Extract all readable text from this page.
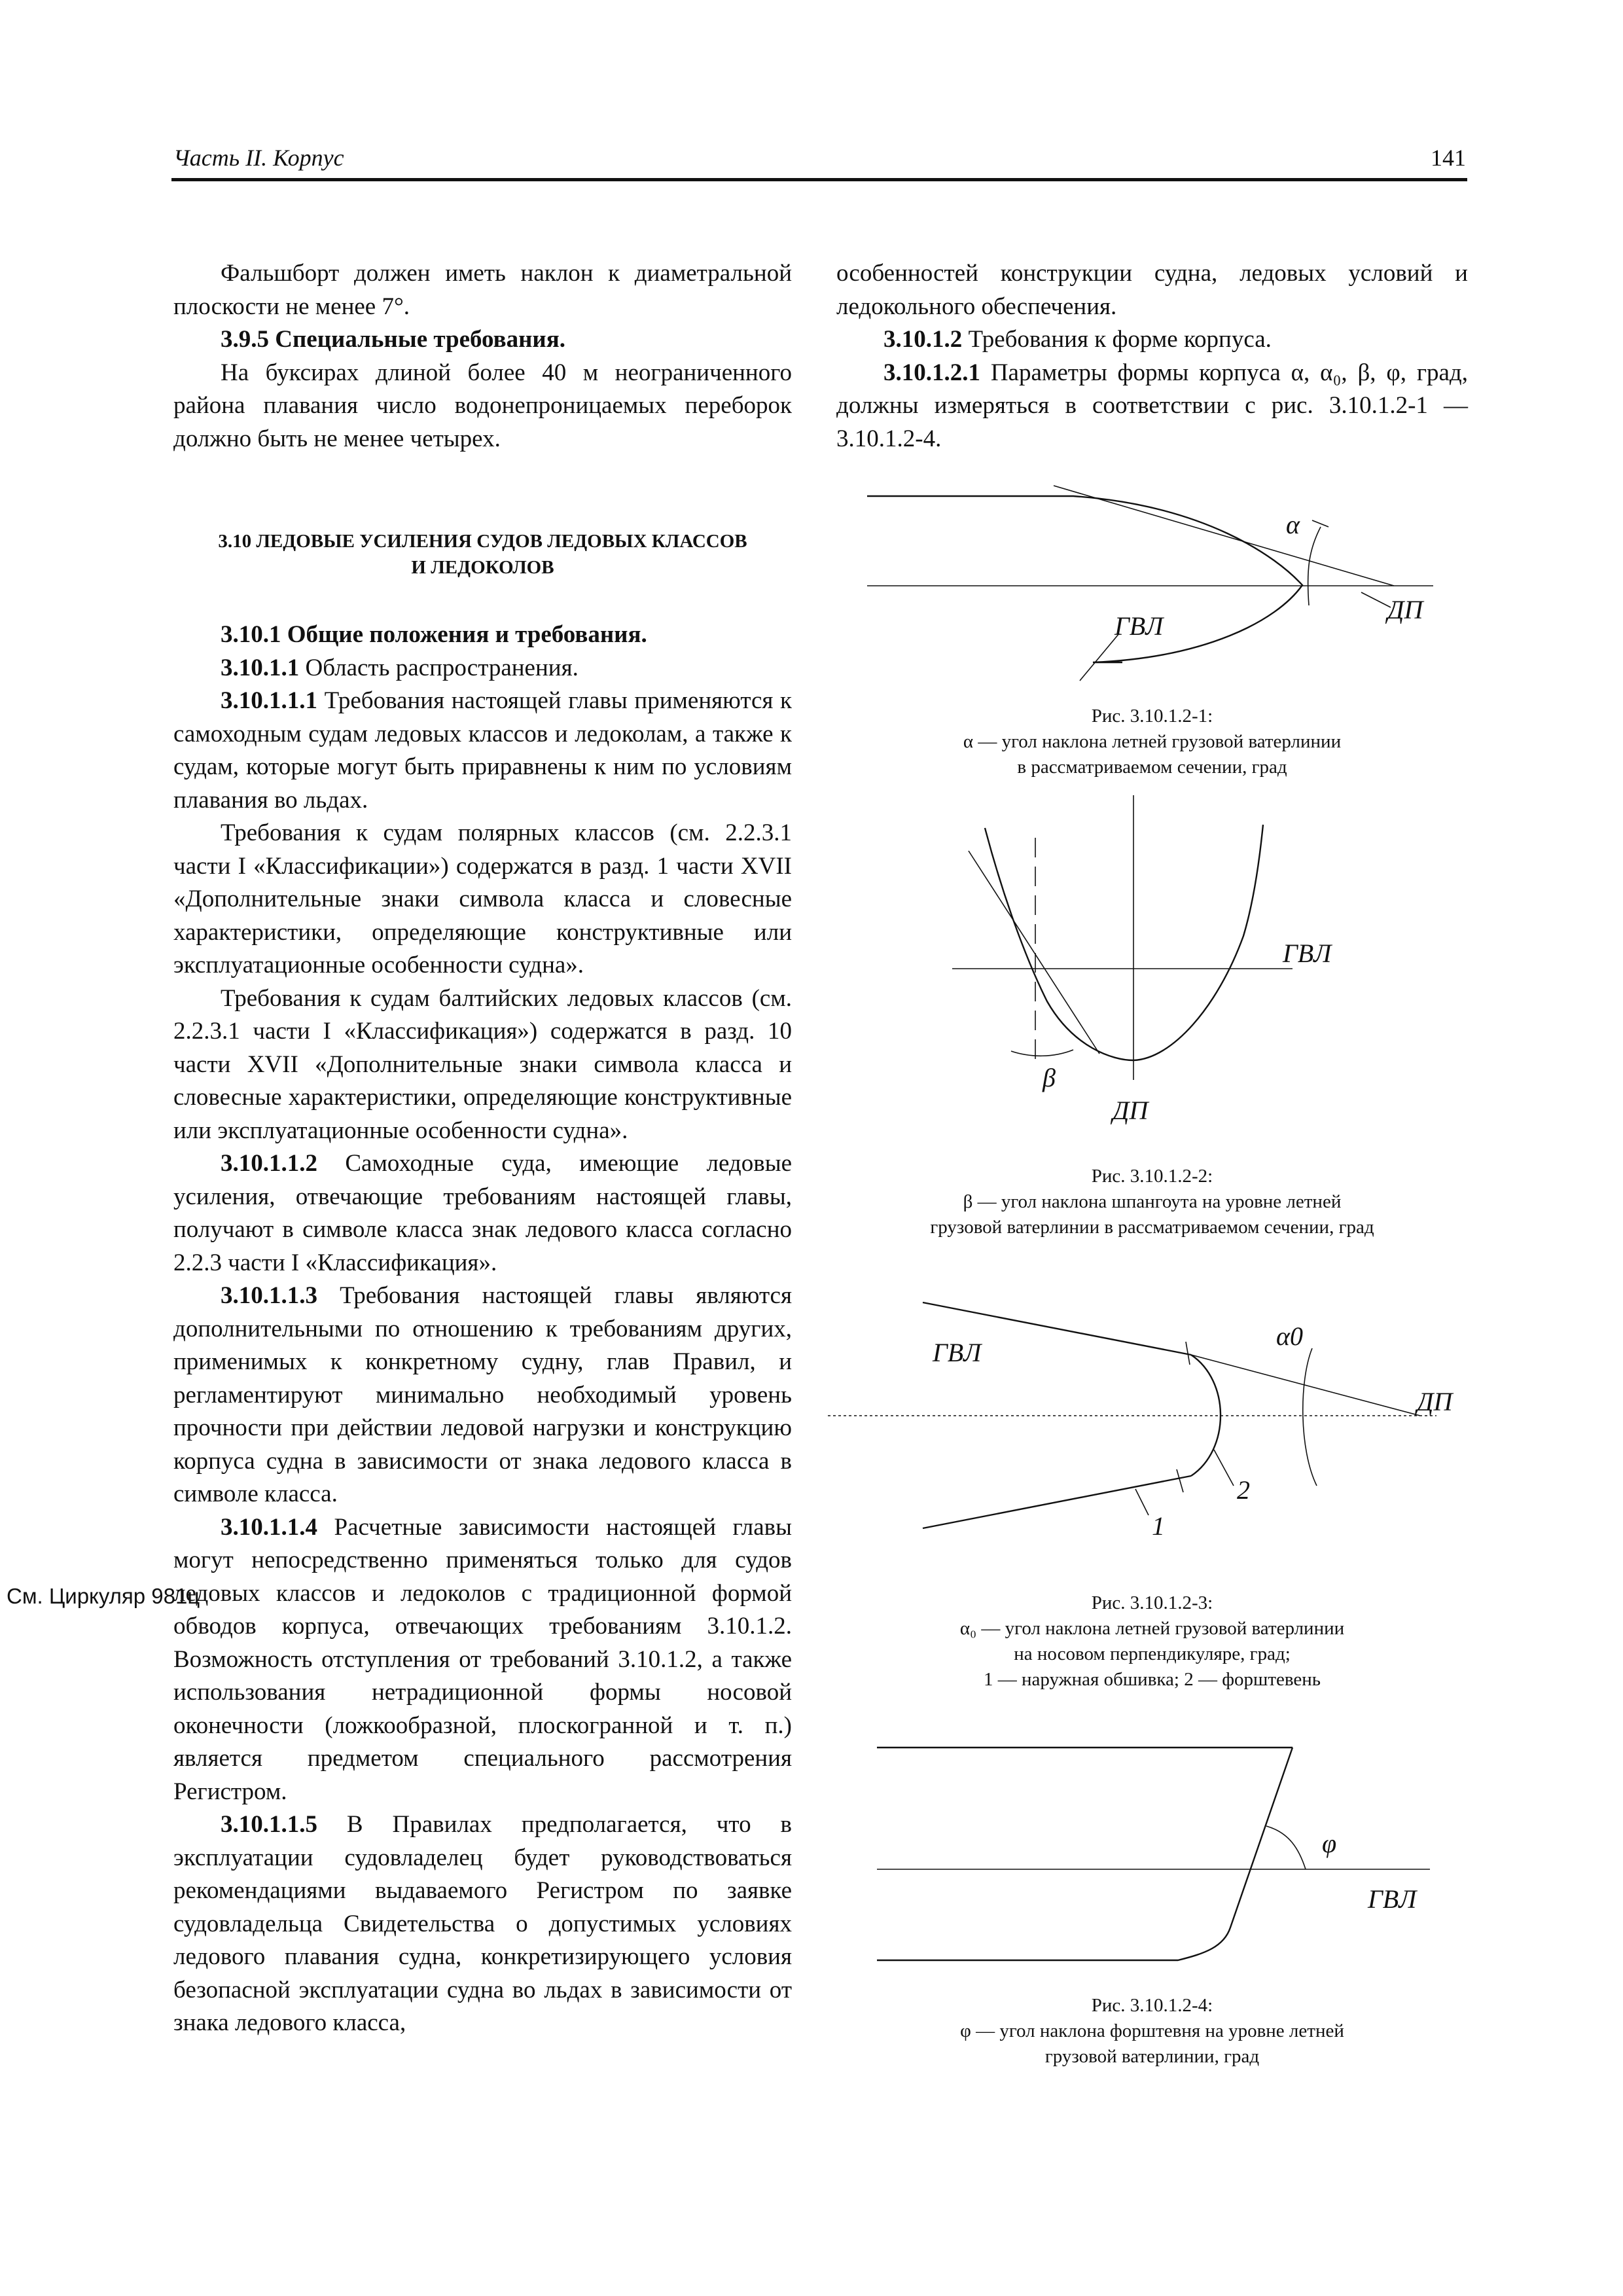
Часть II. Корпус	141

Фальшборт должен иметь наклон к диаметральной плоскости не менее 7°.

3.9.5 Специальные требования.

На буксирах длиной более 40 м неограниченного района плавания число водонепроницаемых переборок должно быть не менее четырех.

3.10 ЛЕДОВЫЕ УСИЛЕНИЯ СУДОВ ЛЕДОВЫХ КЛАССОВ
И ЛЕДОКОЛОВ

3.10.1 Общие положения и требования.

3.10.1.1 Область распространения.

3.10.1.1.1 Требования настоящей главы применяются к самоходным судам ледовых классов и ледоколам, а также к судам, которые могут быть приравнены к ним по условиям плавания во льдах.

Требования к судам полярных классов (см. 2.2.3.1 части I «Классификации») содержатся в разд. 1 части XVII «Дополнительные знаки символа класса и словесные характеристики, определяющие конструктивные или эксплуатационные особенности судна».

Требования к судам балтийских ледовых классов (см. 2.2.3.1 части I «Классификация») содержатся в разд. 10 части XVII «Дополнительные знаки символа класса и словесные характеристики, определяющие конструктивные или эксплуатационные особенности судна».

3.10.1.1.2 Самоходные суда, имеющие ледовые усиления, отвечающие требованиям настоящей главы, получают в символе класса знак ледового класса согласно 2.2.3 части I «Классификация».

3.10.1.1.3 Требования настоящей главы являются дополнительными по отношению к требованиям других, применимых к конкретному судну, глав Правил, и регламентируют минимально необходимый уровень прочности при действии ледовой нагрузки и конструкцию корпуса судна в зависимости от знака ледового класса в символе класса.

3.10.1.1.4 Расчетные зависимости настоящей главы могут непосредственно применяться только для судов ледовых классов и ледоколов с традиционной формой обводов корпуса, отвечающих требованиям 3.10.1.2. Возможность отступления от требований 3.10.1.2, а также использования нетрадиционной формы носовой оконечности (ложкообразной, плоскогранной и т. п.) является предметом специального рассмотрения Регистром.

3.10.1.1.5 В Правилах предполагается, что в эксплуатации судовладелец будет руководствоваться рекомендациями выдаваемого Регистром по заявке судовладельца Свидетельства о допустимых условиях ледового плавания судна, конкретизирующего условия безопасной эксплуатации судна во льдах в зависимости от знака ледового класса,

См. Циркуляр 981ц

особенностей конструкции судна, ледовых условий и ледокольного обеспечения.

3.10.1.2 Требования к форме корпуса.

3.10.1.2.1 Параметры формы корпуса α, α₀, β, φ, град, должны измеряться в соответствии с рис. 3.10.1.2-1 — 3.10.1.2-4.

α
ГВЛ
ДП

Рис. 3.10.1.2-1:

α — угол наклона летней грузовой ватерлинии

в рассматриваемом сечении, град

β
ГВЛ
ДП

Рис. 3.10.1.2-2:

β — угол наклона шпангоута на уровне летней

грузовой ватерлинии в рассматриваемом сечении, град

ГВЛ
α0
ДП
1
2

Рис. 3.10.1.2-3:

α₀ — угол наклона летней грузовой ватерлинии

на носовом перпендикуляре, град;

1 — наружная обшивка; 2 — форштевень

φ
ГВЛ

Рис. 3.10.1.2-4:

φ — угол наклона форштевня на уровне летней

грузовой ватерлинии, град
